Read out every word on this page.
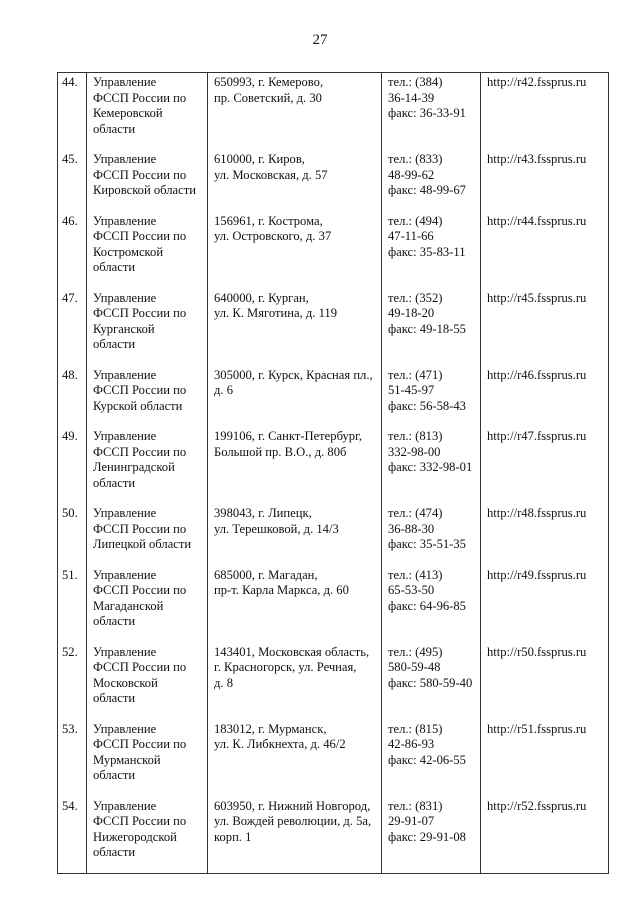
27
44.	Управление
ФССП России по
Кемеровской
области	650993, г. Кемерово,
пр. Советский, д. 30	тел.: (384)
36-14-39
факс: 36-33-91	http://r42.fssprus.ru
45.	Управление
ФССП России по
Кировской области	610000, г. Киров,
ул. Московская, д. 57	тел.: (833)
48-99-62
факс: 48-99-67	http://r43.fssprus.ru
46.	Управление
ФССП России по
Костромской
области	156961, г. Кострома,
ул. Островского, д. 37	тел.: (494)
47-11-66
факс: 35-83-11	http://r44.fssprus.ru
47.	Управление
ФССП России по
Курганской
области	640000, г. Курган,
ул. К. Мяготина, д. 119	тел.: (352)
49-18-20
факс: 49-18-55	http://r45.fssprus.ru
48.	Управление
ФССП России по
Курской области	305000, г. Курск, Красная пл.,
д. 6	тел.: (471)
51-45-97
факс: 56-58-43	http://r46.fssprus.ru
49.	Управление
ФССП России по
Ленинградской
области	199106, г. Санкт-Петербург,
Большой пр. В.О., д. 80б	тел.: (813)
332-98-00
факс: 332-98-01	http://r47.fssprus.ru
50.	Управление
ФССП России по
Липецкой области	398043, г. Липецк,
ул. Терешковой, д. 14/3	тел.: (474)
36-88-30
факс: 35-51-35	http://r48.fssprus.ru
51.	Управление
ФССП России по
Магаданской
области	685000, г. Магадан,
пр-т. Карла Маркса, д. 60	тел.: (413)
65-53-50
факс: 64-96-85	http://r49.fssprus.ru
52.	Управление
ФССП России по
Московской
области	143401, Московская область,
г. Красногорск, ул. Речная,
д. 8	тел.: (495)
580-59-48
факс: 580-59-40	http://r50.fssprus.ru
53.	Управление
ФССП России по
Мурманской
области	183012, г. Мурманск,
ул. К. Либкнехта, д. 46/2	тел.: (815)
42-86-93
факс: 42-06-55	http://r51.fssprus.ru
54.	Управление
ФССП России по
Нижегородской
области	603950, г. Нижний Новгород,
ул. Вождей революции, д. 5а,
корп. 1	тел.: (831)
29-91-07
факс: 29-91-08	http://r52.fssprus.ru
